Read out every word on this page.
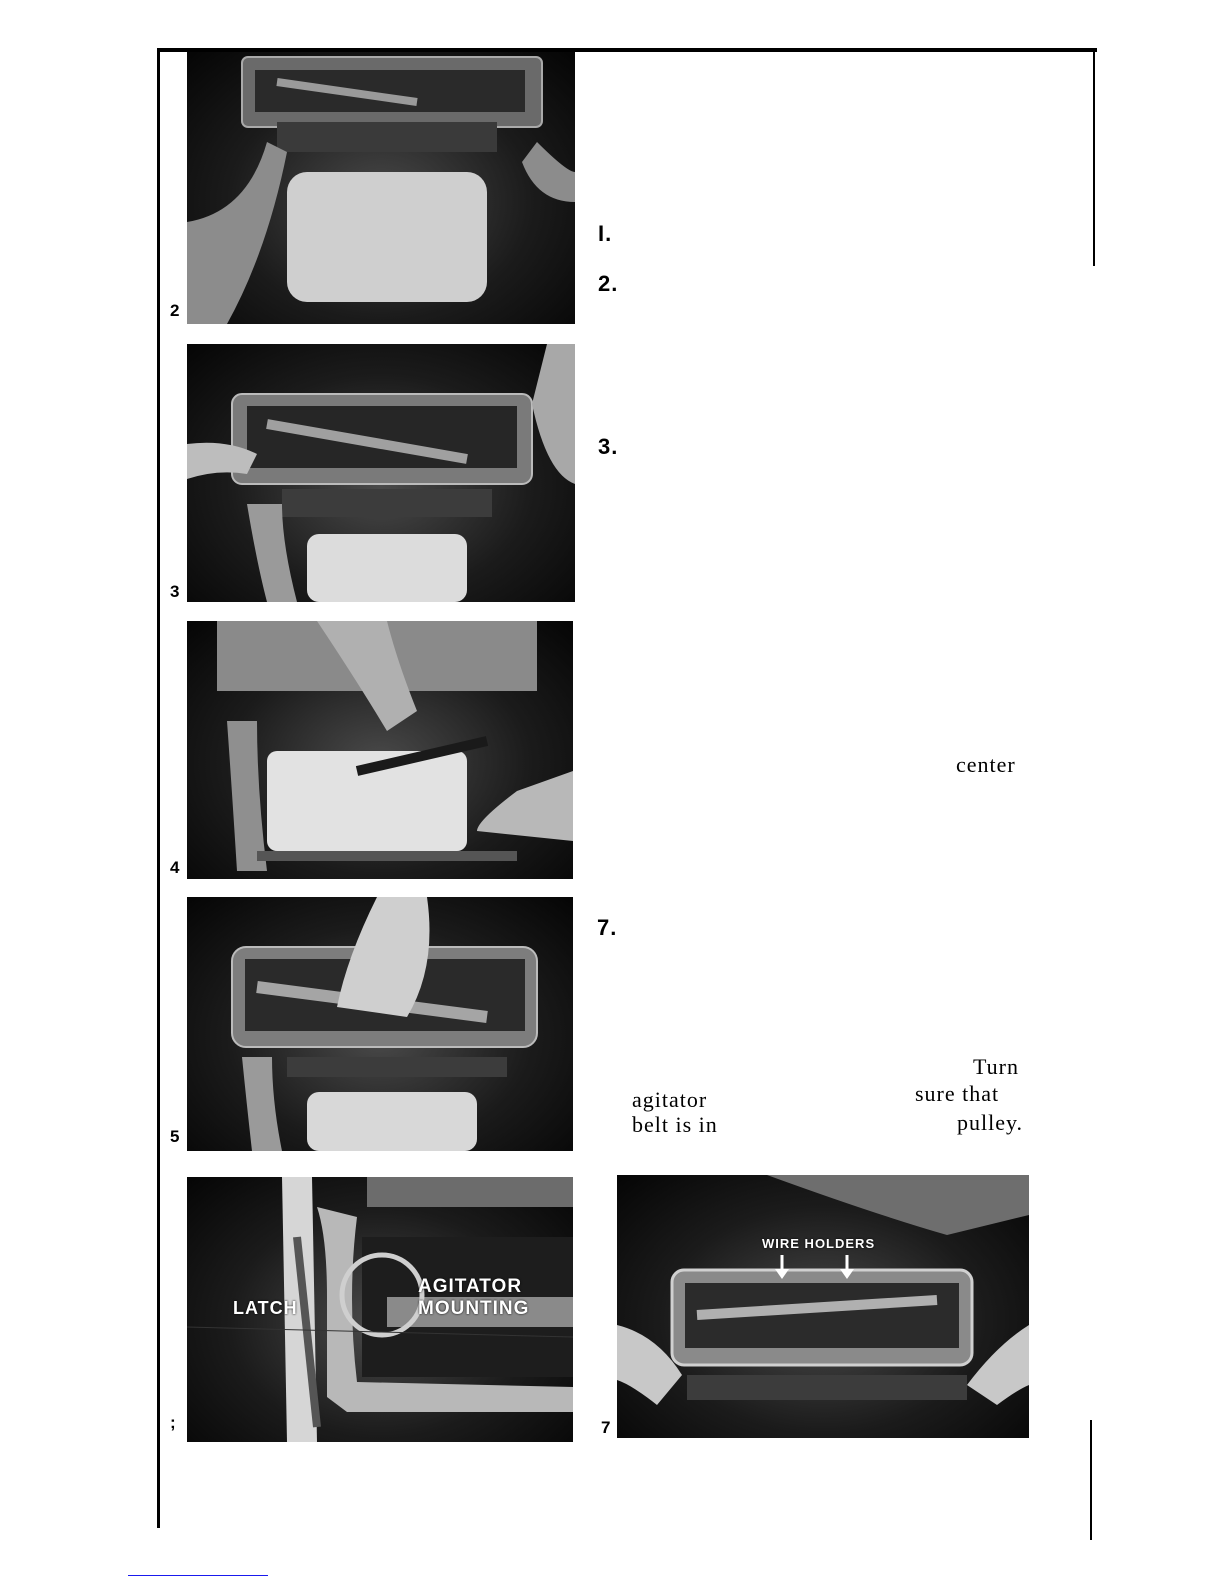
2
3
4
5
LATCH
AGITATOR
MOUNTING
;
WIRE HOLDERS
7
I.
2.
3.
7.
center
Turn
agitator	sure that
belt is in	pulley.
